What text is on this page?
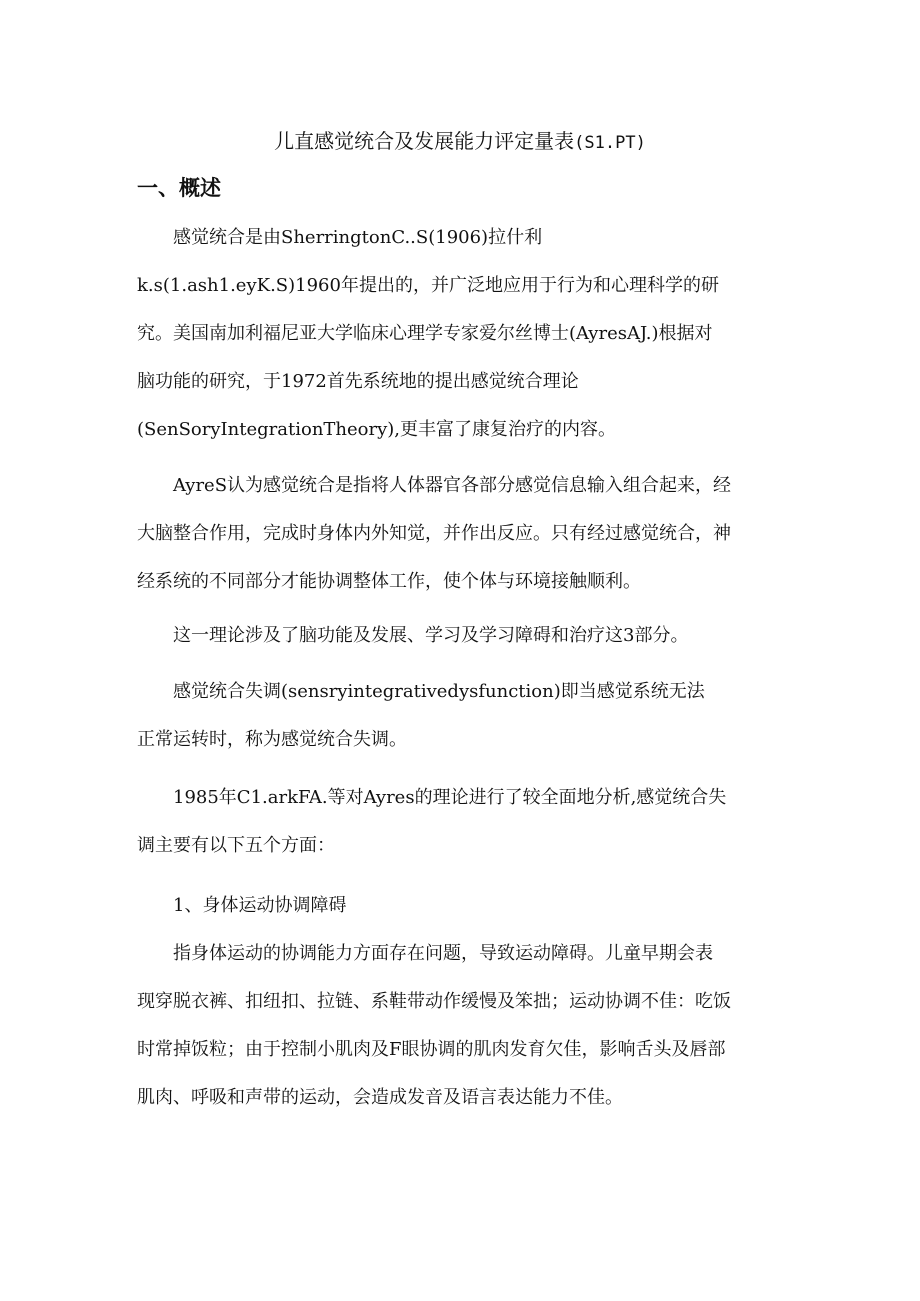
儿直感觉统合及发展能力评定量表(S1.PT)
一、概述
感觉统合是由SherringtonC..S(1906)拉什利
k.s(1.ash1.eyK.S)1960年提出的，并广泛地应用于行为和心理科学的研
究。美国南加利福尼亚大学临床心理学专家爱尔丝博士(AyresAJ.)根据对
脑功能的研究，于1972首先系统地的提出感觉统合理论
(SenSoryIntegrationTheory),更丰富了康复治疗的内容。
AyreS认为感觉统合是指将人体器官各部分感觉信息输入组合起来，经
大脑整合作用，完成时身体内外知觉，并作出反应。只有经过感觉统合，神
经系统的不同部分才能协调整体工作，使个体与环境接触顺利。
这一理论涉及了脑功能及发展、学习及学习障碍和治疗这3部分。
感觉统合失调(sensryintegrativedysfunction)即当感觉系统无法
正常运转时，称为感觉统合失调。
1985年C1.arkFA.等对Ayres的理论进行了较全面地分析,感觉统合失
调主要有以下五个方面：
1、身体运动协调障碍
指身体运动的协调能力方面存在问题，导致运动障碍。儿童早期会表
现穿脱衣裤、扣纽扣、拉链、系鞋带动作缓慢及笨拙；运动协调不佳：吃饭
时常掉饭粒；由于控制小肌肉及F眼协调的肌肉发育欠佳，影响舌头及唇部
肌肉、呼吸和声带的运动，会造成发音及语言表达能力不佳。
